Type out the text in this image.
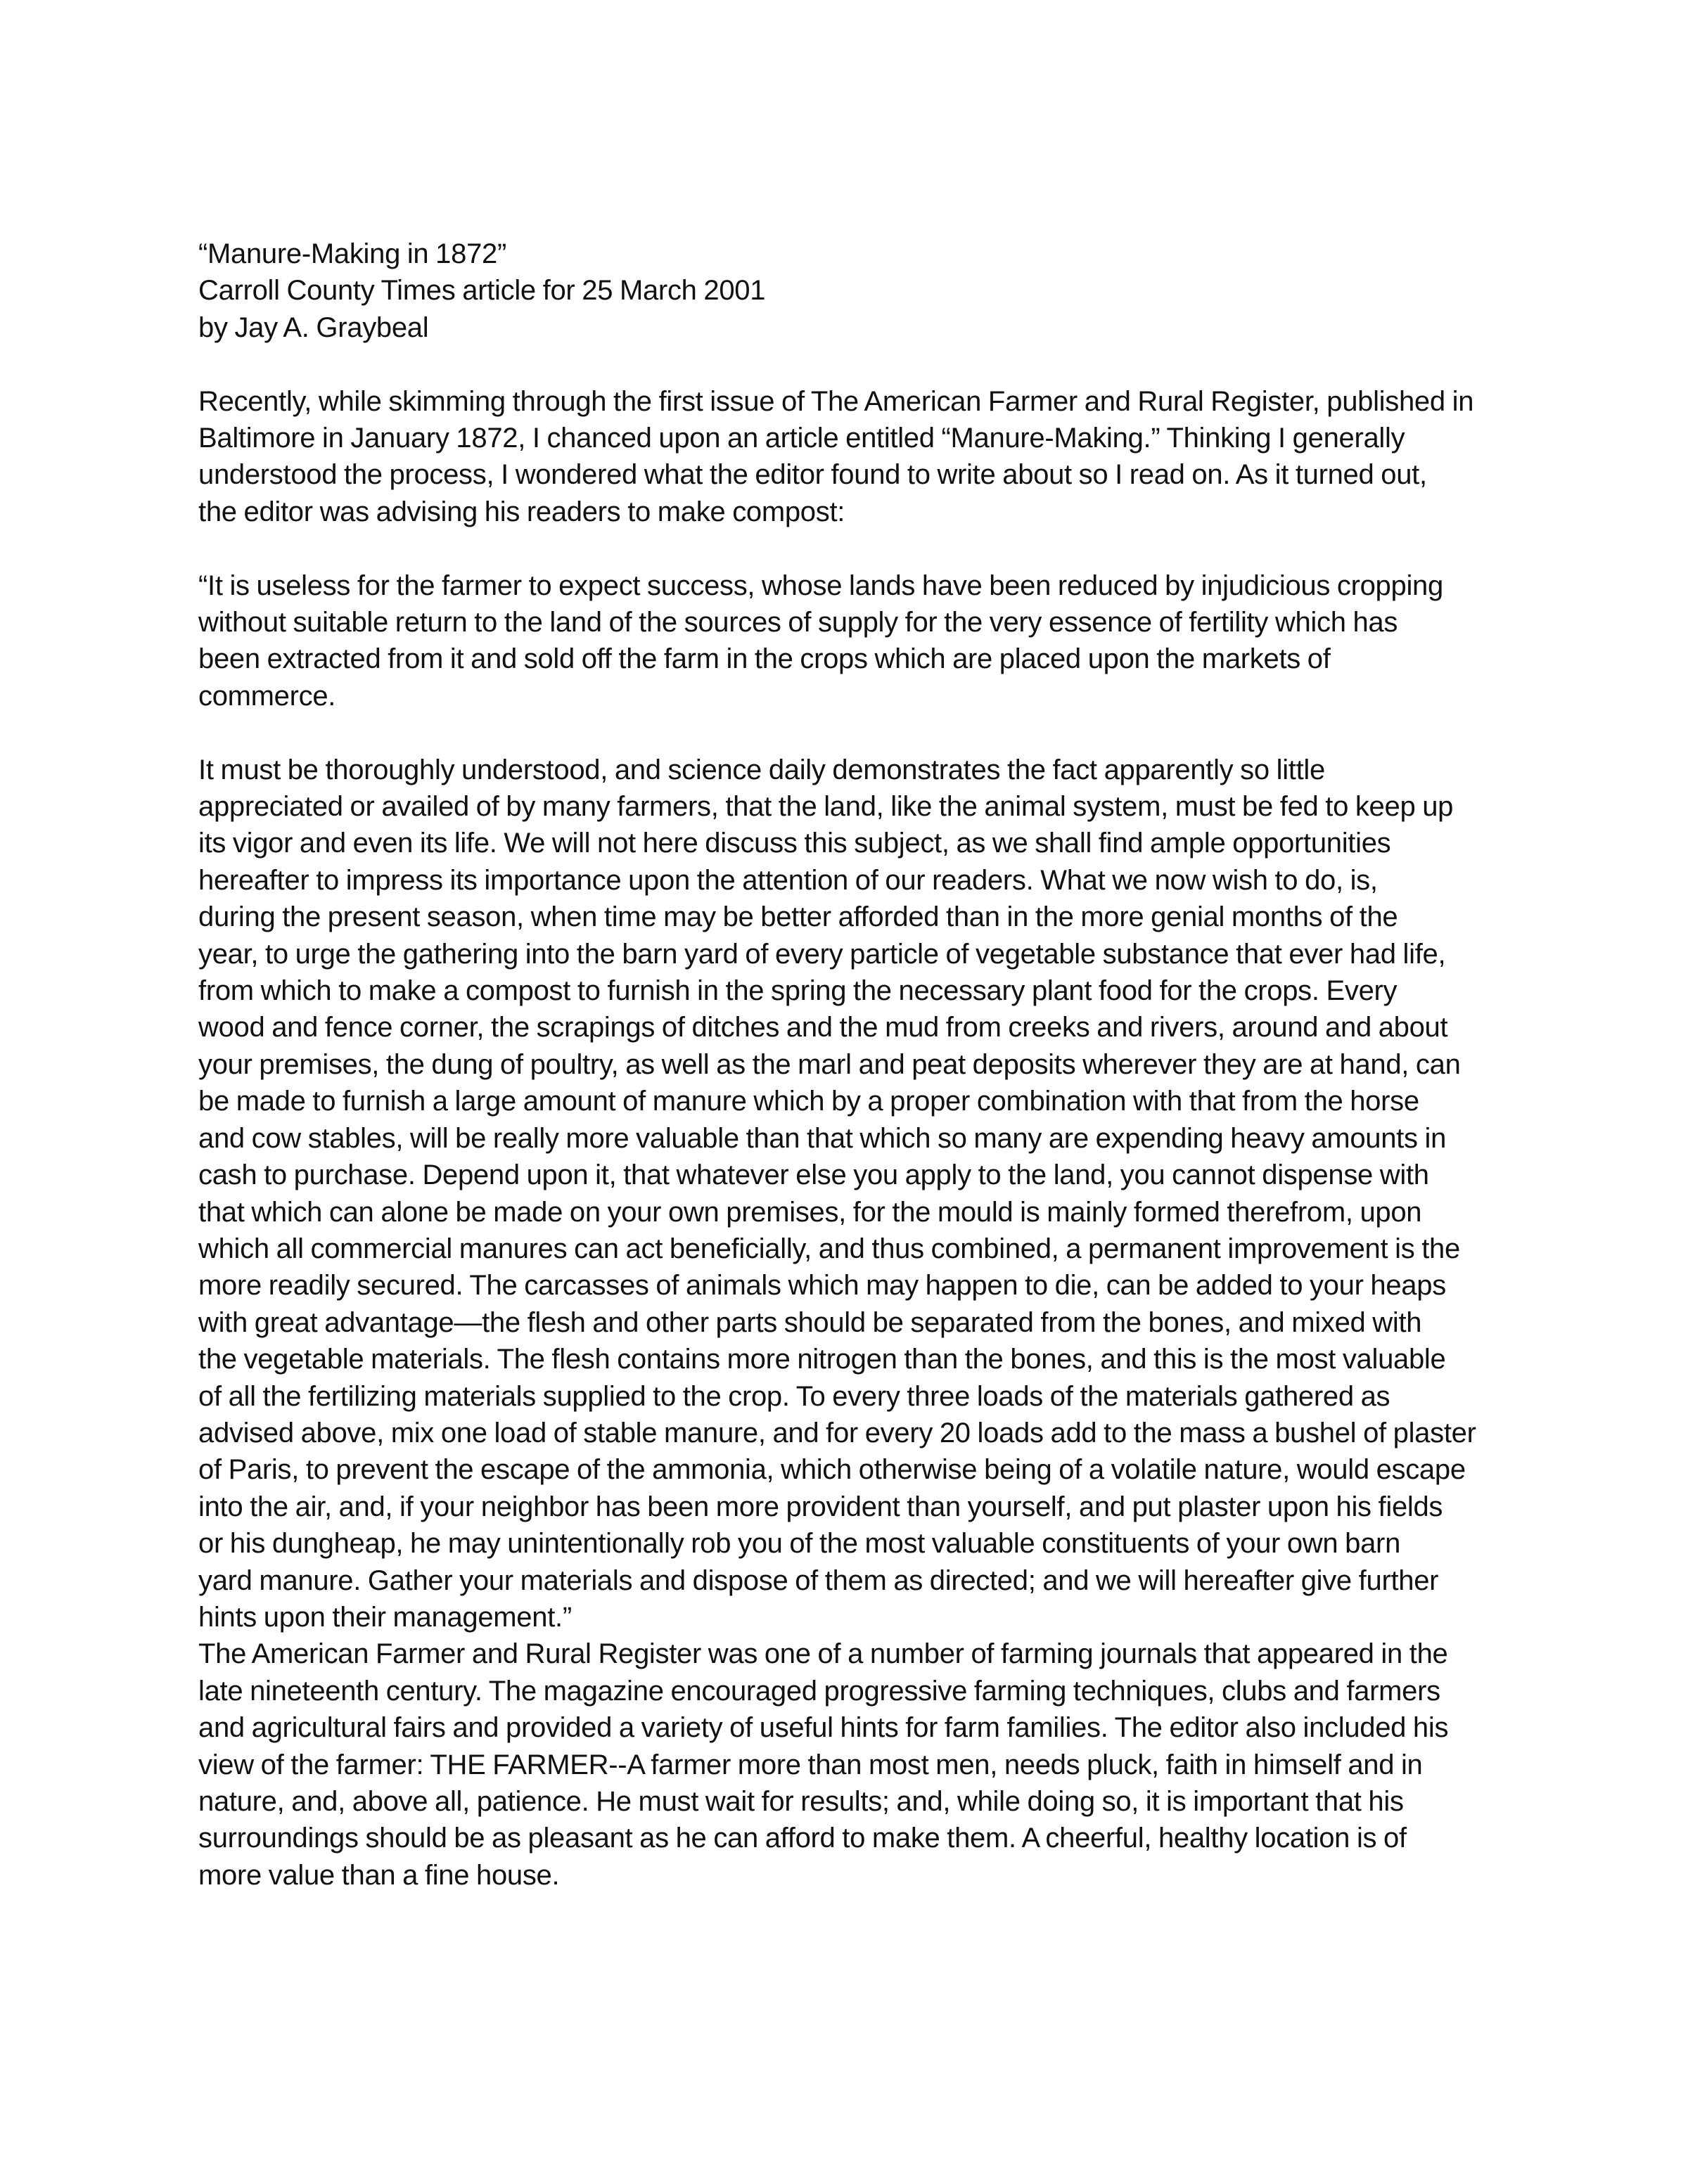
“Manure-Making in 1872”
Carroll County Times article for 25 March 2001
by Jay A. Graybeal
Recently, while skimming through the first issue of The American Farmer and Rural Register, published in
Baltimore in January 1872, I chanced upon an article entitled “Manure-Making.” Thinking I generally
understood the process, I wondered what the editor found to write about so I read on. As it turned out,
the editor was advising his readers to make compost:
“It is useless for the farmer to expect success, whose lands have been reduced by injudicious cropping
without suitable return to the land of the sources of supply for the very essence of fertility which has
been extracted from it and sold off the farm in the crops which are placed upon the markets of
commerce.
It must be thoroughly understood, and science daily demonstrates the fact apparently so little
appreciated or availed of by many farmers, that the land, like the animal system, must be fed to keep up
its vigor and even its life. We will not here discuss this subject, as we shall find ample opportunities
hereafter to impress its importance upon the attention of our readers. What we now wish to do, is,
during the present season, when time may be better afforded than in the more genial months of the
year, to urge the gathering into the barn yard of every particle of vegetable substance that ever had life,
from which to make a compost to furnish in the spring the necessary plant food for the crops. Every
wood and fence corner, the scrapings of ditches and the mud from creeks and rivers, around and about
your premises, the dung of poultry, as well as the marl and peat deposits wherever they are at hand, can
be made to furnish a large amount of manure which by a proper combination with that from the horse
and cow stables, will be really more valuable than that which so many are expending heavy amounts in
cash to purchase. Depend upon it, that whatever else you apply to the land, you cannot dispense with
that which can alone be made on your own premises, for the mould is mainly formed therefrom, upon
which all commercial manures can act beneficially, and thus combined, a permanent improvement is the
more readily secured. The carcasses of animals which may happen to die, can be added to your heaps
with great advantage—the flesh and other parts should be separated from the bones, and mixed with
the vegetable materials. The flesh contains more nitrogen than the bones, and this is the most valuable
of all the fertilizing materials supplied to the crop. To every three loads of the materials gathered as
advised above, mix one load of stable manure, and for every 20 loads add to the mass a bushel of plaster
of Paris, to prevent the escape of the ammonia, which otherwise being of a volatile nature, would escape
into the air, and, if your neighbor has been more provident than yourself, and put plaster upon his fields
or his dungheap, he may unintentionally rob you of the most valuable constituents of your own barn
yard manure. Gather your materials and dispose of them as directed; and we will hereafter give further
hints upon their management.”
The American Farmer and Rural Register was one of a number of farming journals that appeared in the
late nineteenth century. The magazine encouraged progressive farming techniques, clubs and farmers
and agricultural fairs and provided a variety of useful hints for farm families. The editor also included his
view of the farmer: THE FARMER--A farmer more than most men, needs pluck, faith in himself and in
nature, and, above all, patience. He must wait for results; and, while doing so, it is important that his
surroundings should be as pleasant as he can afford to make them. A cheerful, healthy location is of
more value than a fine house.
